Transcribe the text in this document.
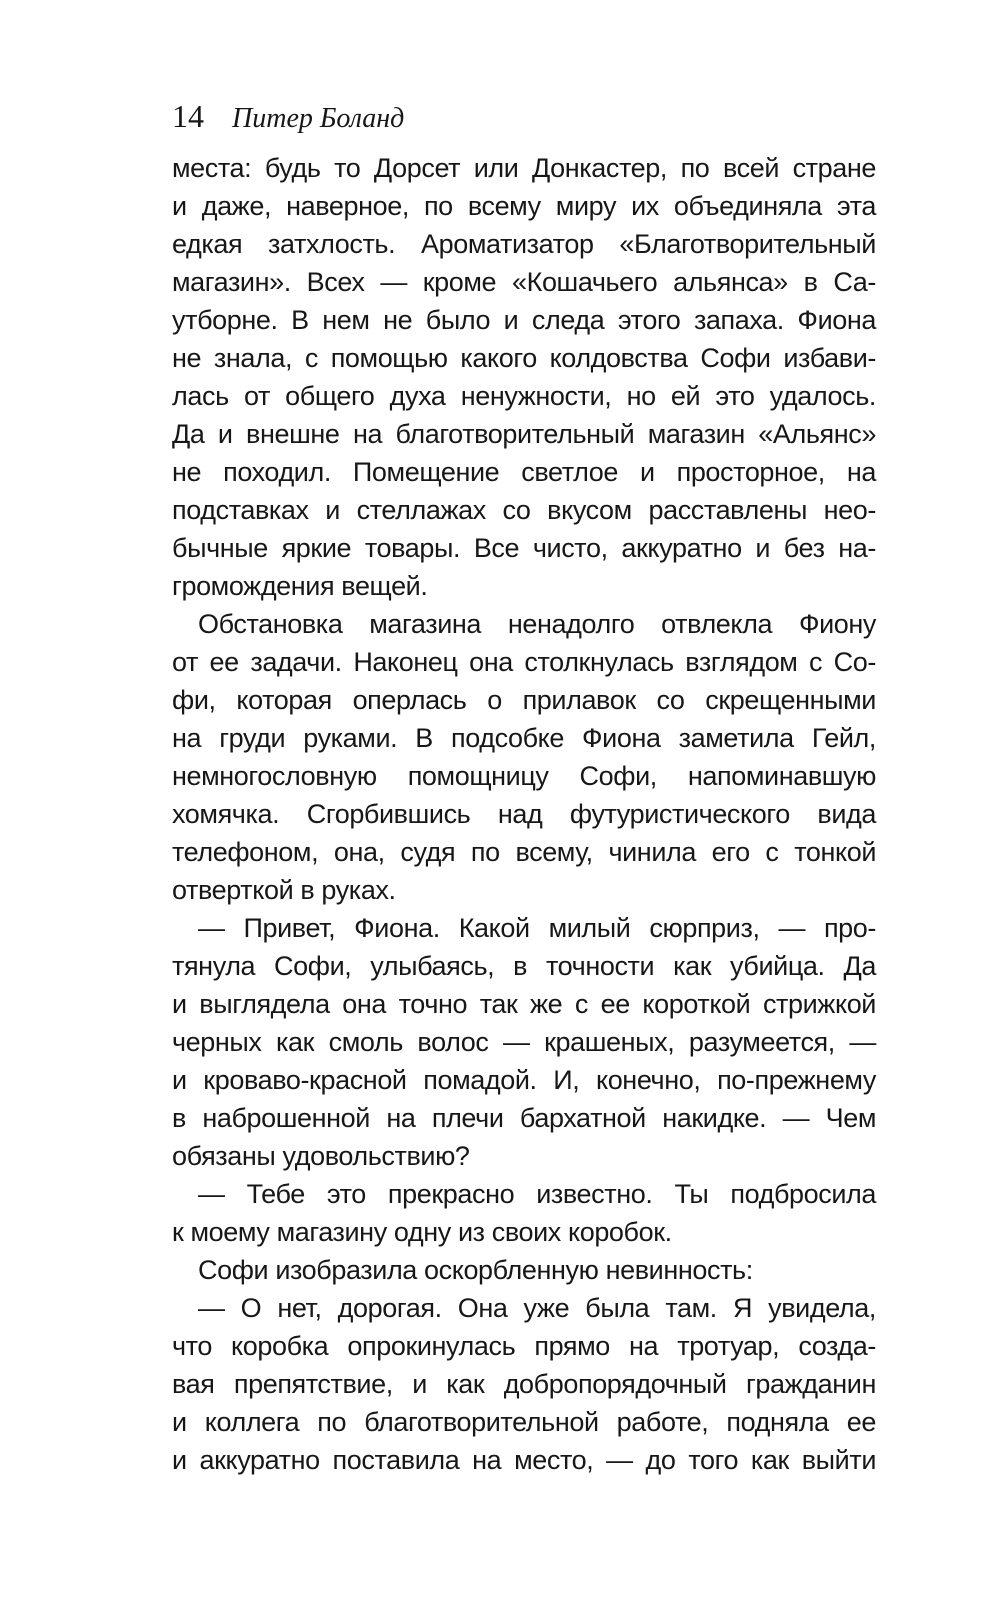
14 Питер Боланд
места: будь то Дорсет или Донкастер, по всей стране
и даже, наверное, по всему миру их объединяла эта
едкая затхлость. Ароматизатор «Благотворительный
магазин». Всех — кроме «Кошачьего альянса» в Са-
утборне. В нем не было и следа этого запаха. Фиона
не знала, с помощью какого колдовства Софи избави-
лась от общего духа ненужности, но ей это удалось.
Да и внешне на благотворительный магазин «Альянс»
не походил. Помещение светлое и просторное, на
подставках и стеллажах со вкусом расставлены нео-
бычные яркие товары. Все чисто, аккуратно и без на-
громождения вещей.
Обстановка магазина ненадолго отвлекла Фиону
от ее задачи. Наконец она столкнулась взглядом с Со-
фи, которая оперлась о прилавок со скрещенными
на груди руками. В подсобке Фиона заметила Гейл,
немногословную помощницу Софи, напоминавшую
хомячка. Сгорбившись над футуристического вида
телефоном, она, судя по всему, чинила его с тонкой
отверткой в руках.
— Привет, Фиона. Какой милый сюрприз, — про-
тянула Софи, улыбаясь, в точности как убийца. Да
и выглядела она точно так же с ее короткой стрижкой
черных как смоль волос — крашеных, разумеется, —
и кроваво-красной помадой. И, конечно, по-прежнему
в наброшенной на плечи бархатной накидке. — Чем
обязаны удовольствию?
— Тебе это прекрасно известно. Ты подбросила
к моему магазину одну из своих коробок.
Софи изобразила оскорбленную невинность:
— О нет, дорогая. Она уже была там. Я увидела,
что коробка опрокинулась прямо на тротуар, созда-
вая препятствие, и как добропорядочный гражданин
и коллега по благотворительной работе, подняла ее
и аккуратно поставила на место, — до того как выйти
